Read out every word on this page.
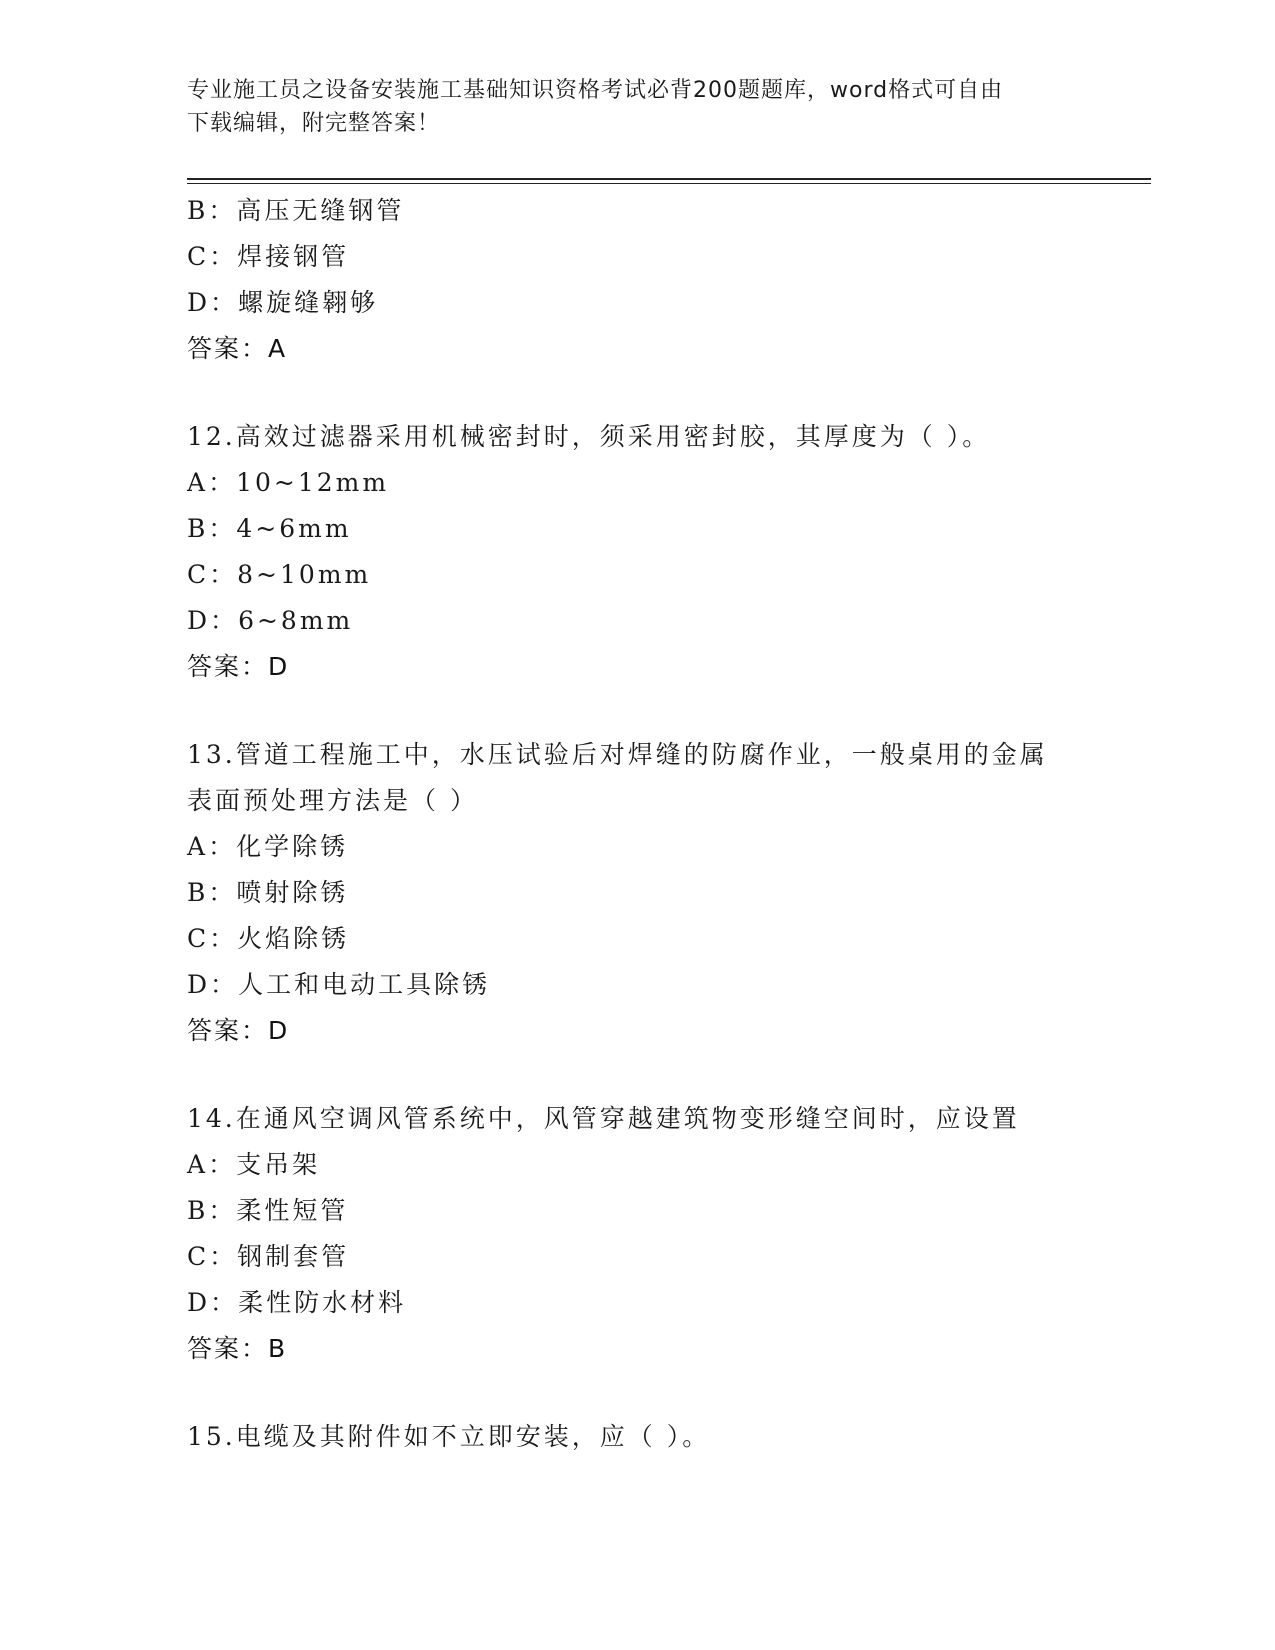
专业施工员之设备安装施工基础知识资格考试必背200题题库，word格式可自由
下载编辑，附完整答案！
B：高压无缝钢管
C：焊接钢管
D：螺旋缝翱够
答案：A
12.高效过滤器采用机械密封时，须采用密封胶，其厚度为（ ）。
A：10~12mm
B：4~6mm
C：8~10mm
D：6~8mm
答案：D
13.管道工程施工中，水压试验后对焊缝的防腐作业，一般桌用的金属
表面预处理方法是（ ）
A：化学除锈
B：喷射除锈
C：火焰除锈
D：人工和电动工具除锈
答案：D
14.在通风空调风管系统中，风管穿越建筑物变形缝空间时，应设置
A：支吊架
B：柔性短管
C：钢制套管
D：柔性防水材料
答案：B
15.电缆及其附件如不立即安装，应（ ）。
